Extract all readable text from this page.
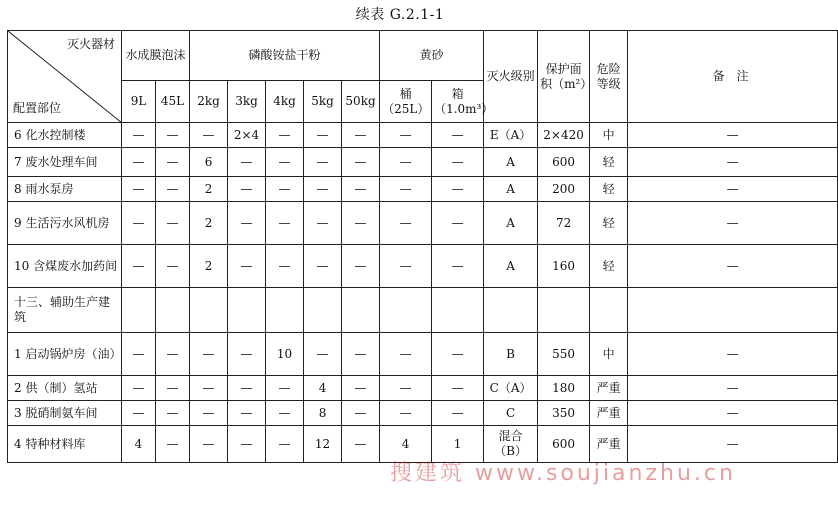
续表 G.2.1-1
灭火器材
配置部位	水成膜泡沫		磷酸铵盐干粉					黄砂		灭火级别	保护面积（m²）	危险等级	备 注
	9L	45L	2kg	3kg	4kg	5kg	50kg	桶（25L）	箱（1.0m³）				
6 化水控制楼	—	—	—	2×4	—	—	—	—	—	E（A）	2×420	中	—
7 废水处理车间	—	—	6	—	—	—	—	—	—	A	600	轻	—
8 雨水泵房	—	—	2	—	—	—	—	—	—	A	200	轻	—
9 生活污水风机房	—	—	2	—	—	—	—	—	—	A	72	轻	—
10 含煤废水加药间	—	—	2	—	—	—	—	—	—	A	160	轻	—
十三、辅助生产建筑													
1 启动锅炉房（油）	—	—	—	—	10	—	—	—	—	B	550	中	—
2 供（制）氢站	—	—	—	—	—	4	—	—	—	C（A）	180	严重	—
3 脱硝制氨车间	—	—	—	—	—	8	—	—	—	C	350	严重	—
4 特种材料库	4	—	—	—	—	12	—	4	1	混合（B）	600	严重	—
搜建筑 www.soujianzhu.cn
